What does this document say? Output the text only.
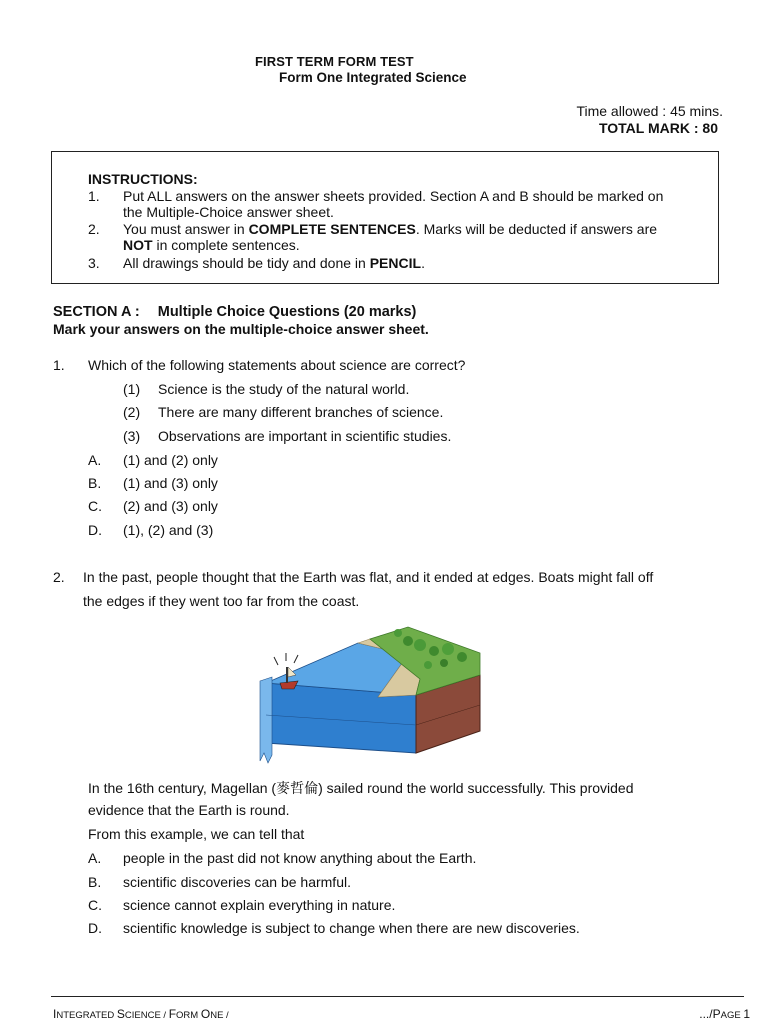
FIRST TERM FORM TEST
Form One Integrated Science
Time allowed : 45 mins.
TOTAL MARK : 80
INSTRUCTIONS:
1. Put ALL answers on the answer sheets provided. Section A and B should be marked on
the Multiple-Choice answer sheet.
2. You must answer in COMPLETE SENTENCES. Marks will be deducted if answers are
NOT in complete sentences.
3. All drawings should be tidy and done in PENCIL.
SECTION A : Multiple Choice Questions (20 marks)
Mark your answers on the multiple-choice answer sheet.
1. Which of the following statements about science are correct?
(1) Science is the study of the natural world.
(2) There are many different branches of science.
(3) Observations are important in scientific studies.
A. (1) and (2) only
B. (1) and (3) only
C. (2) and (3) only
D. (1), (2) and (3)
2. In the past, people thought that the Earth was flat, and it ended at edges. Boats might fall off
the edges if they went too far from the coast.
In the 16th century, Magellan (麥哲倫) sailed round the world successfully. This provided
evidence that the Earth is round.
From this example, we can tell that
A. people in the past did not know anything about the Earth.
B. scientific discoveries can be harmful.
C. science cannot explain everything in nature.
D. scientific knowledge is subject to change when there are new discoveries.
INTEGRATED SCIENCE / FORM ONE /	.../PAGE 1
